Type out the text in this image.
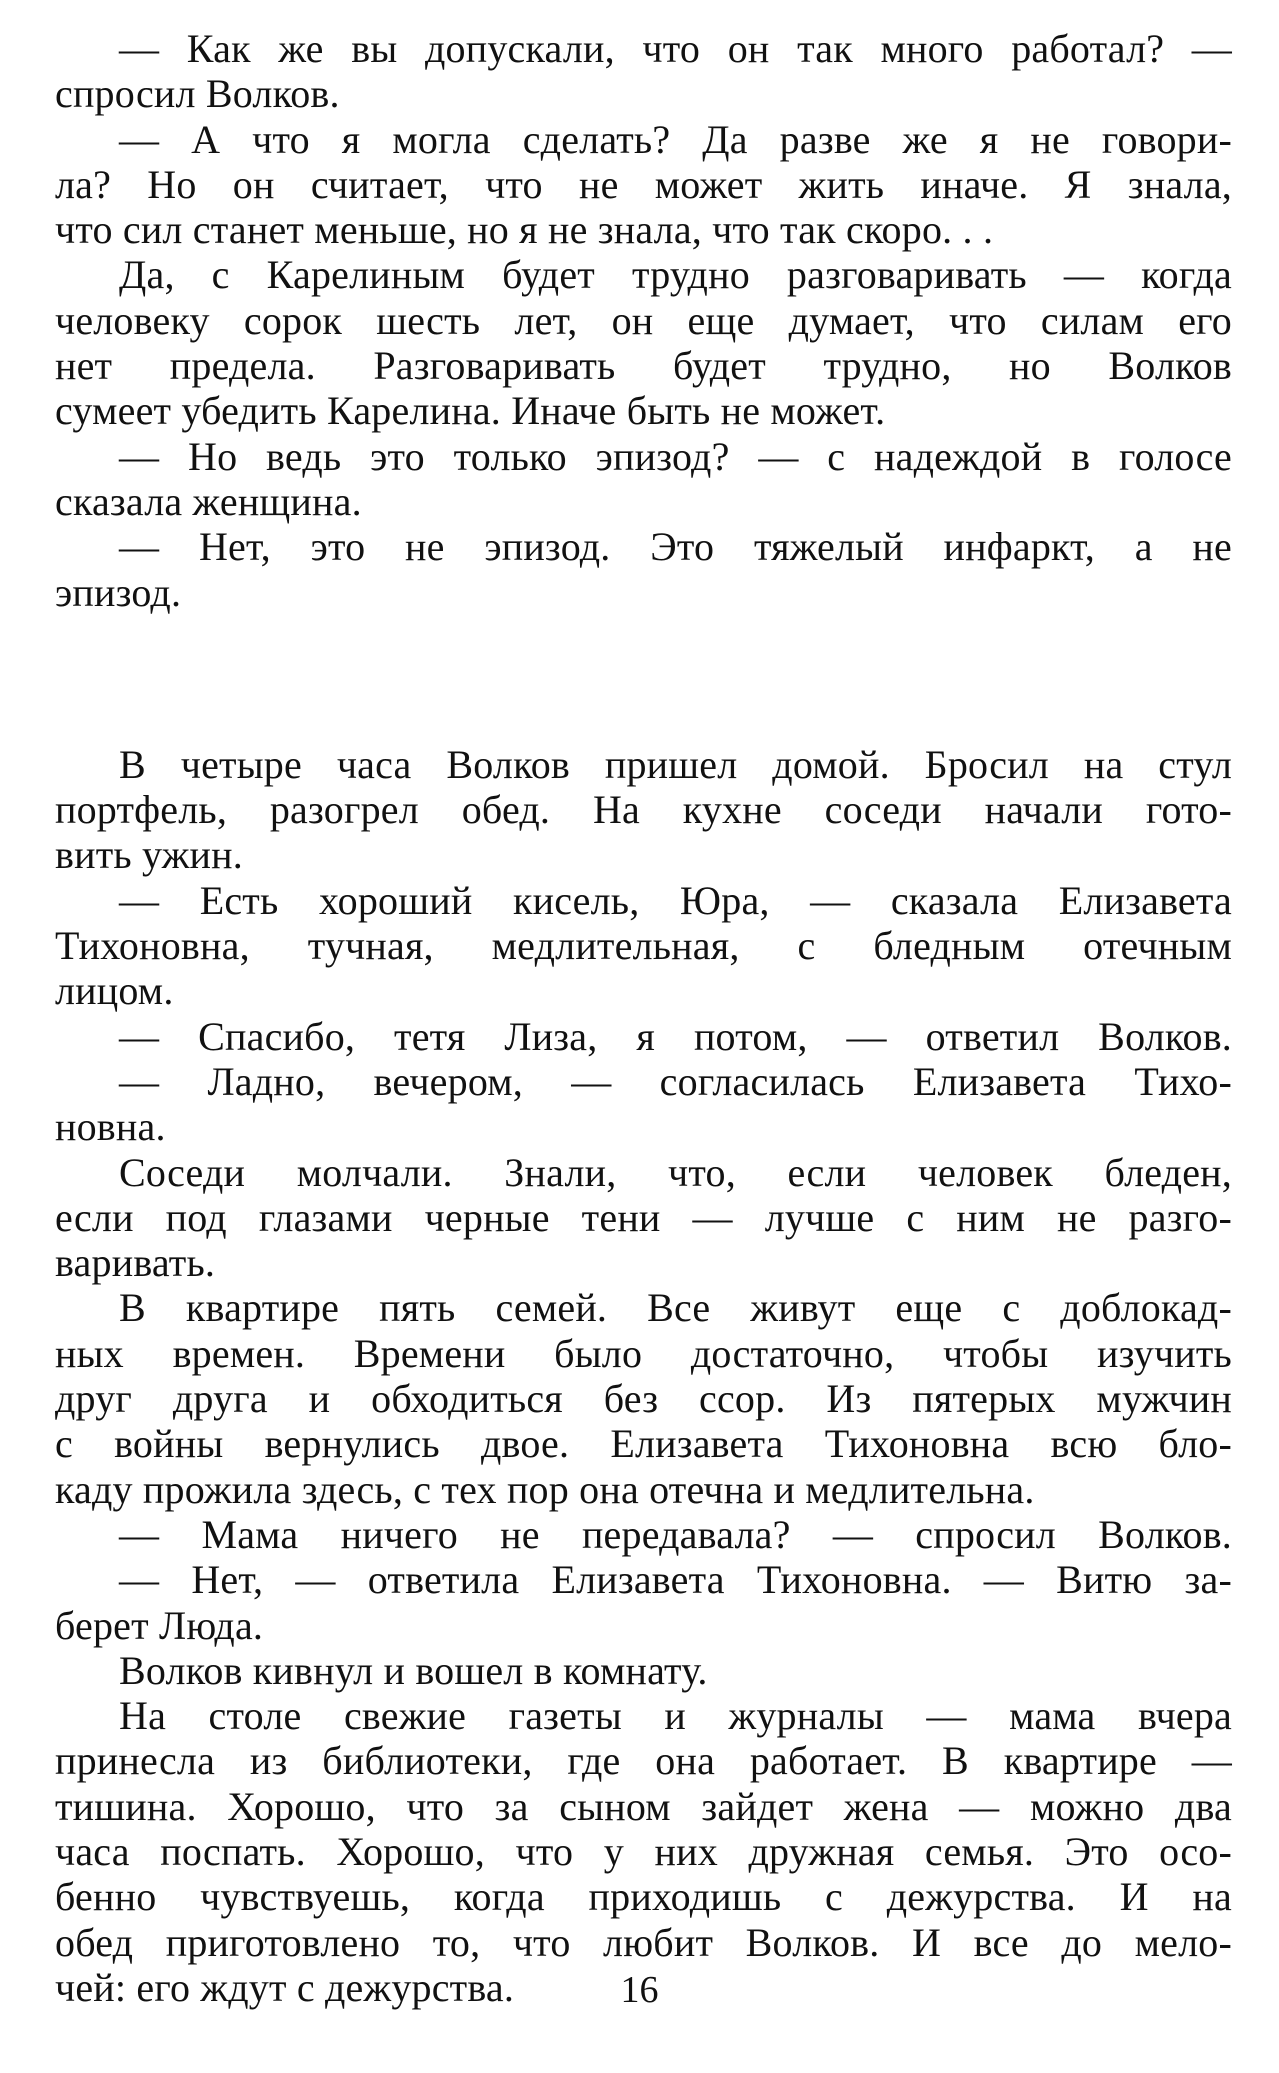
— Как же вы допускали, что он так много работал? —
спросил Волков.
— А что я могла сделать? Да разве же я не говори-
ла? Но он считает, что не может жить иначе. Я знала,
что сил станет меньше, но я не знала, что так скоро. . .
Да, с Карелиным будет трудно разговаривать — когда
человеку сорок шесть лет, он еще думает, что силам его
нет предела. Разговаривать будет трудно, но Волков
сумеет убедить Карелина. Иначе быть не может.
— Но ведь это только эпизод? — с надеждой в голосе
сказала женщина.
— Нет, это не эпизод. Это тяжелый инфаркт, а не
эпизод.
В четыре часа Волков пришел домой. Бросил на стул
портфель, разогрел обед. На кухне соседи начали гото-
вить ужин.
— Есть хороший кисель, Юра, — сказала Елизавета
Тихоновна, тучная, медлительная, с бледным отечным
лицом.
— Спасибо, тетя Лиза, я потом, — ответил Волков.
— Ладно, вечером, — согласилась Елизавета Тихо-
новна.
Соседи молчали. Знали, что, если человек бледен,
если под глазами черные тени — лучше с ним не разго-
варивать.
В квартире пять семей. Все живут еще с доблокад-
ных времен. Времени было достаточно, чтобы изучить
друг друга и обходиться без ссор. Из пятерых мужчин
с войны вернулись двое. Елизавета Тихоновна всю бло-
каду прожила здесь, с тех пор она отечна и медлительна.
— Мама ничего не передавала? — спросил Волков.
— Нет, — ответила Елизавета Тихоновна. — Витю за-
берет Люда.
Волков кивнул и вошел в комнату.
На столе свежие газеты и журналы — мама вчера
принесла из библиотеки, где она работает. В квартире —
тишина. Хорошо, что за сыном зайдет жена — можно два
часа поспать. Хорошо, что у них дружная семья. Это осо-
бенно чувствуешь, когда приходишь с дежурства. И на
обед приготовлено то, что любит Волков. И все до мело-
чей: его ждут с дежурства.	16
